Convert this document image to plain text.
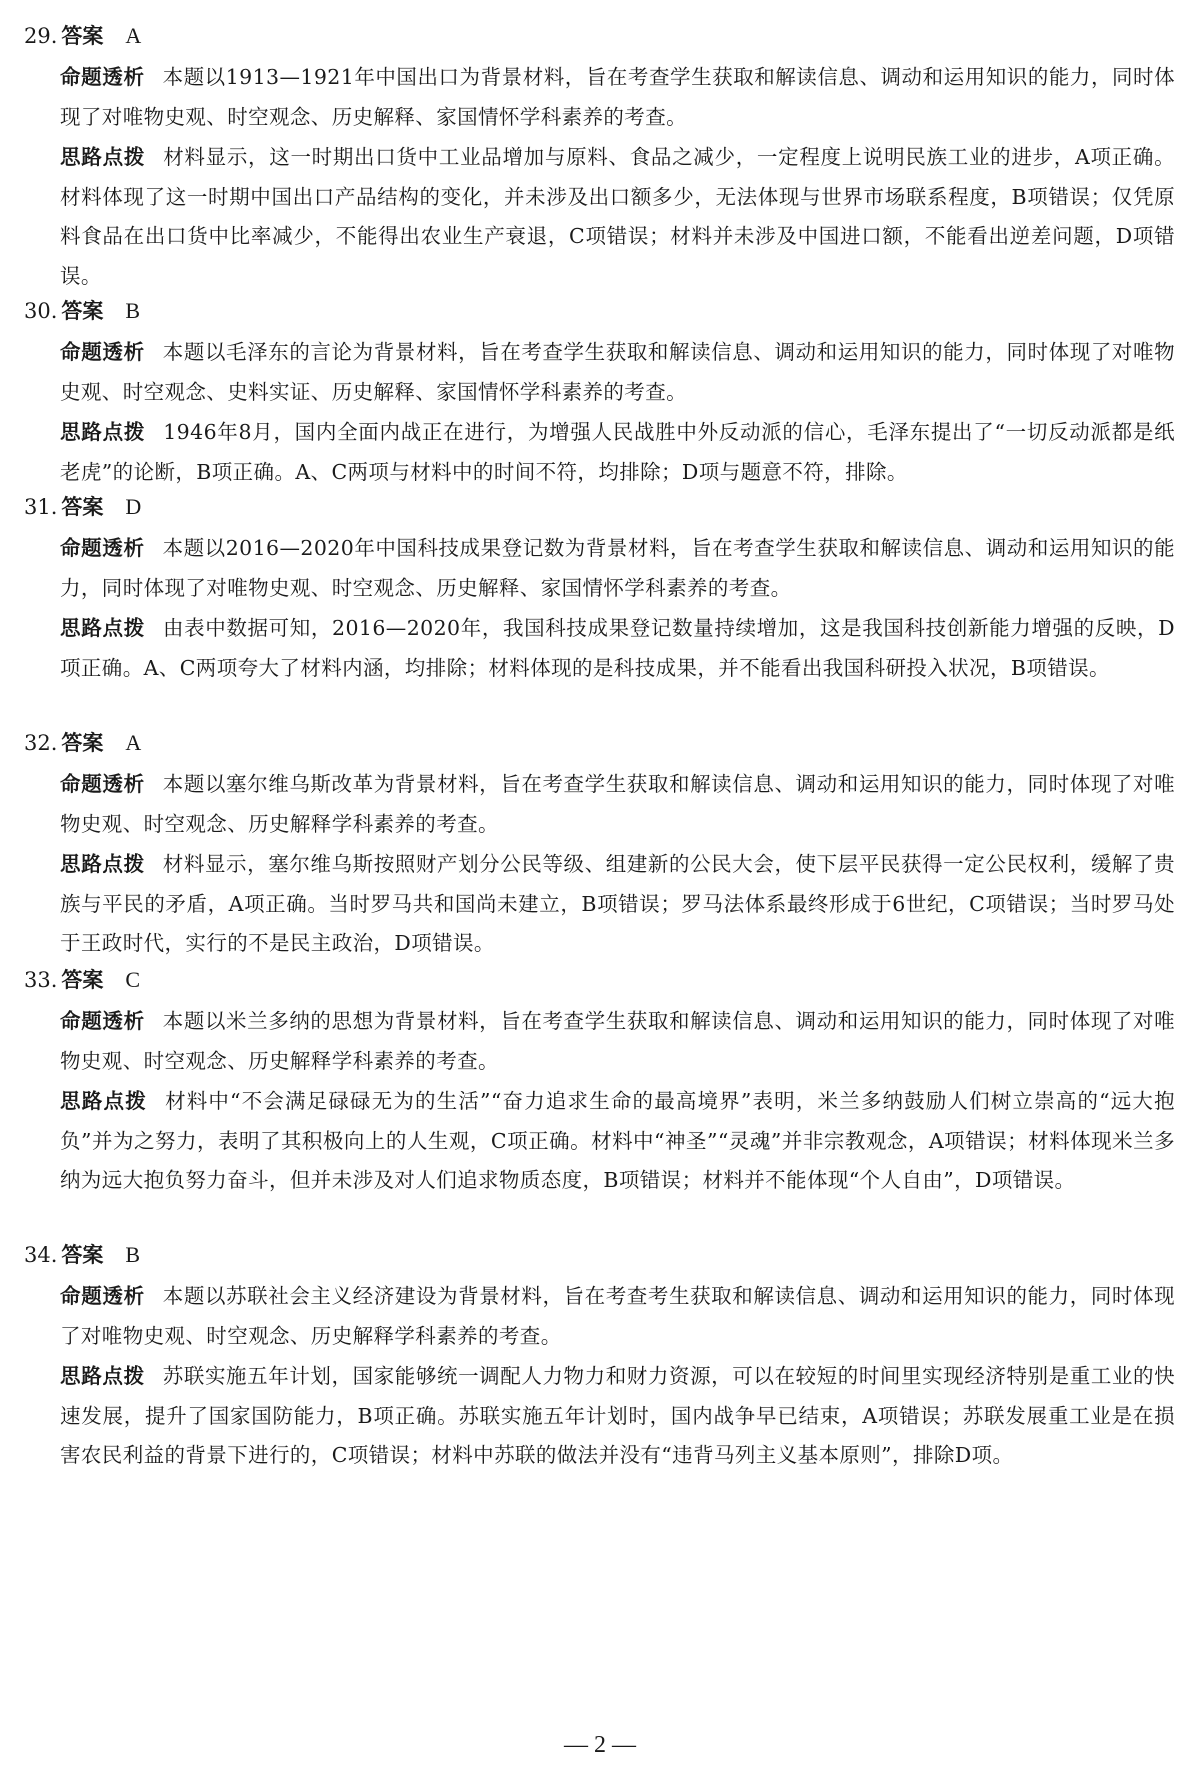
29. 答案 A
命题透析 本题以1913—1921年中国出口为背景材料，旨在考查学生获取和解读信息、调动和运用知识的能力，同时体现了对唯物史观、时空观念、历史解释、家国情怀学科素养的考查。
思路点拨 材料显示，这一时期出口货中工业品增加与原料、食品之减少，一定程度上说明民族工业的进步，A项正确。材料体现了这一时期中国出口产品结构的变化，并未涉及出口额多少，无法体现与世界市场联系程度，B项错误；仅凭原料食品在出口货中比率减少，不能得出农业生产衰退，C项错误；材料并未涉及中国进口额，不能看出逆差问题，D项错误。
30. 答案 B
命题透析 本题以毛泽东的言论为背景材料，旨在考查学生获取和解读信息、调动和运用知识的能力，同时体现了对唯物史观、时空观念、史料实证、历史解释、家国情怀学科素养的考查。
思路点拨 1946年8月，国内全面内战正在进行，为增强人民战胜中外反动派的信心，毛泽东提出了“一切反动派都是纸老虎”的论断，B项正确。A、C两项与材料中的时间不符，均排除；D项与题意不符，排除。
31. 答案 D
命题透析 本题以2016—2020年中国科技成果登记数为背景材料，旨在考查学生获取和解读信息、调动和运用知识的能力，同时体现了对唯物史观、时空观念、历史解释、家国情怀学科素养的考查。
思路点拨 由表中数据可知，2016—2020年，我国科技成果登记数量持续增加，这是我国科技创新能力增强的反映，D项正确。A、C两项夸大了材料内涵，均排除；材料体现的是科技成果，并不能看出我国科研投入状况，B项错误。
32. 答案 A
命题透析 本题以塞尔维乌斯改革为背景材料，旨在考查学生获取和解读信息、调动和运用知识的能力，同时体现了对唯物史观、时空观念、历史解释学科素养的考查。
思路点拨 材料显示，塞尔维乌斯按照财产划分公民等级、组建新的公民大会，使下层平民获得一定公民权利，缓解了贵族与平民的矛盾，A项正确。当时罗马共和国尚未建立，B项错误；罗马法体系最终形成于6世纪，C项错误；当时罗马处于王政时代，实行的不是民主政治，D项错误。
33. 答案 C
命题透析 本题以米兰多纳的思想为背景材料，旨在考查学生获取和解读信息、调动和运用知识的能力，同时体现了对唯物史观、时空观念、历史解释学科素养的考查。
思路点拨 材料中“不会满足碌碌无为的生活”“奋力追求生命的最高境界”表明，米兰多纳鼓励人们树立崇高的“远大抱负”并为之努力，表明了其积极向上的人生观，C项正确。材料中“神圣”“灵魂”并非宗教观念，A项错误；材料体现米兰多纳为远大抱负努力奋斗，但并未涉及对人们追求物质态度，B项错误；材料并不能体现“个人自由”，D项错误。
34. 答案 B
命题透析 本题以苏联社会主义经济建设为背景材料，旨在考查考生获取和解读信息、调动和运用知识的能力，同时体现了对唯物史观、时空观念、历史解释学科素养的考查。
思路点拨 苏联实施五年计划，国家能够统一调配人力物力和财力资源，可以在较短的时间里实现经济特别是重工业的快速发展，提升了国家国防能力，B项正确。苏联实施五年计划时，国内战争早已结束，A项错误；苏联发展重工业是在损害农民利益的背景下进行的，C项错误；材料中苏联的做法并没有“违背马列主义基本原则”，排除D项。
— 2 —
